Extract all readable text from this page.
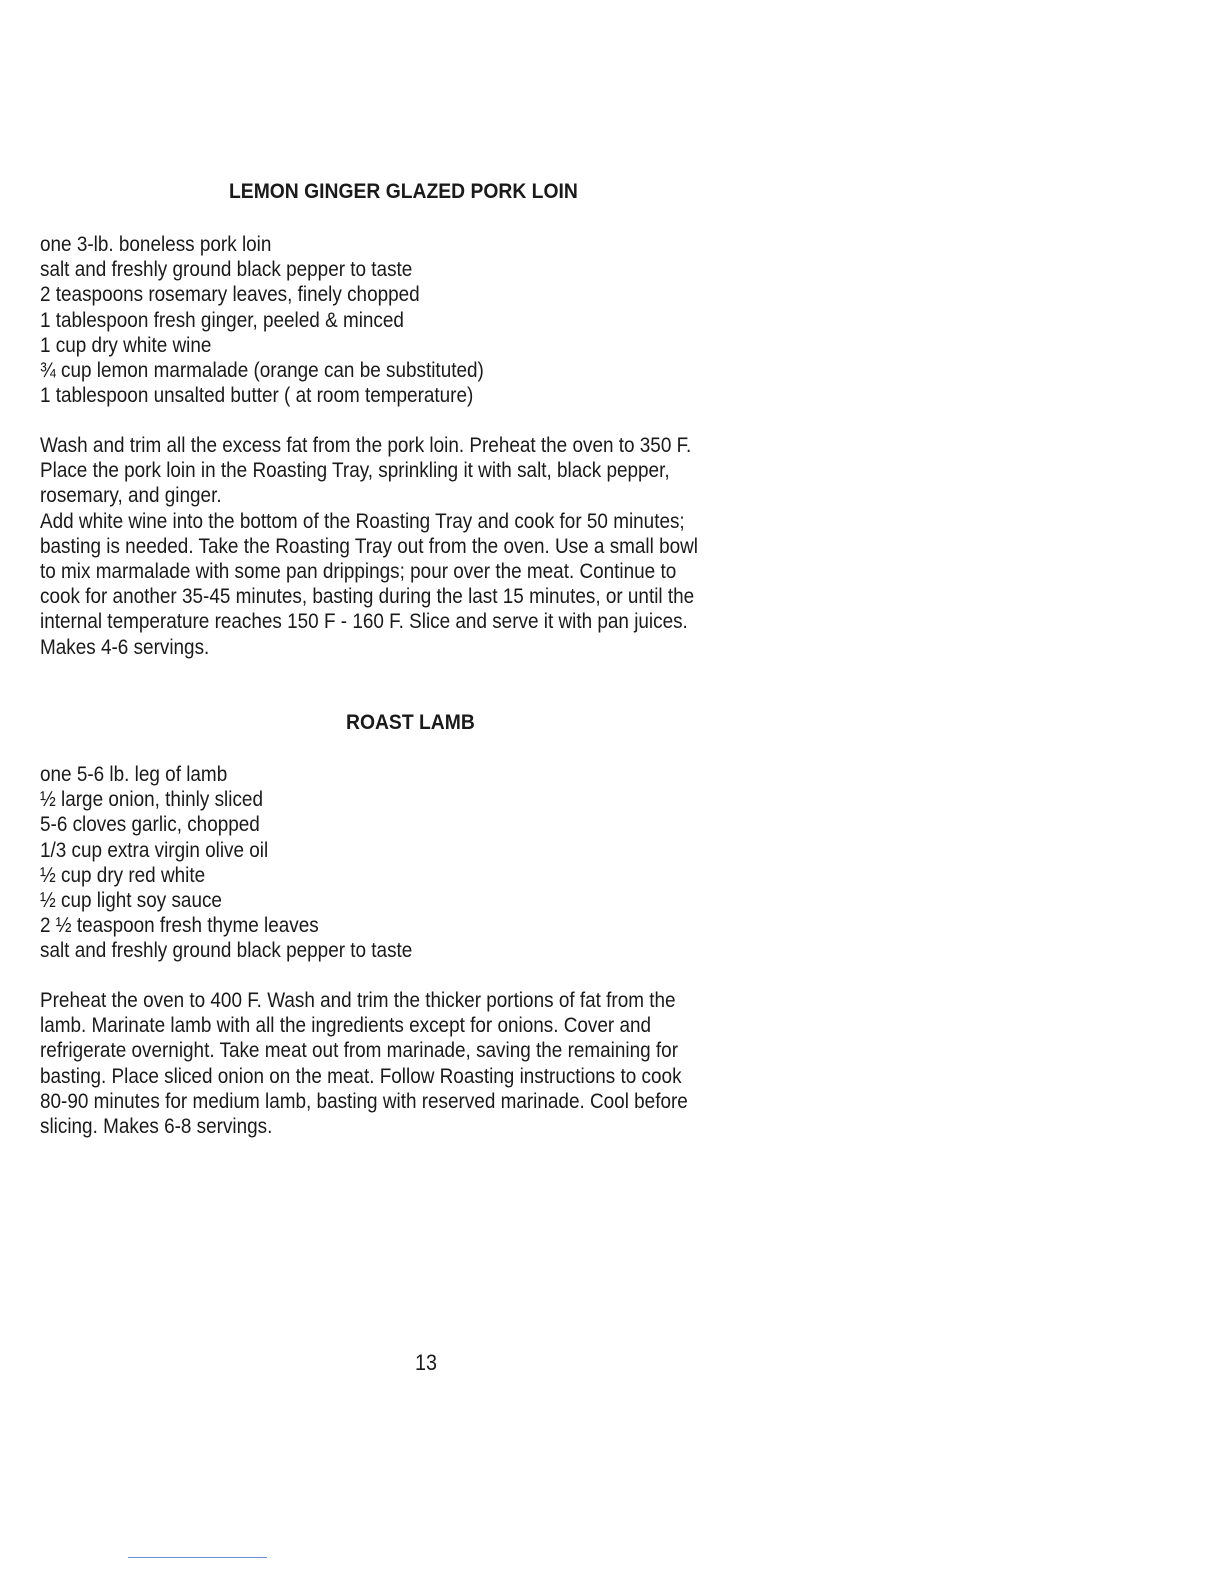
LEMON GINGER GLAZED PORK LOIN
one 3-lb. boneless pork loin
salt and freshly ground black pepper to taste
2 teaspoons rosemary leaves, finely chopped
1 tablespoon fresh ginger, peeled & minced
1 cup dry white wine
¾ cup lemon marmalade (orange can be substituted)
1 tablespoon unsalted butter ( at room temperature)
Wash and trim all the excess fat from the pork loin. Preheat the oven to 350 F.
Place the pork loin in the Roasting Tray, sprinkling it with salt, black pepper,
rosemary, and ginger.
Add white wine into the bottom of the Roasting Tray and cook for 50 minutes;
basting is needed. Take the Roasting Tray out from the oven. Use a small bowl
to mix marmalade with some pan drippings; pour over the meat. Continue to
cook for another 35-45 minutes, basting during the last 15 minutes, or until the
internal temperature reaches 150 F - 160 F. Slice and serve it with pan juices.
Makes 4-6 servings.
ROAST LAMB
one 5-6 lb. leg of lamb
½ large onion, thinly sliced
5-6 cloves garlic, chopped
1/3 cup extra virgin olive oil
½ cup dry red white
½ cup light soy sauce
2 ½ teaspoon fresh thyme leaves
salt and freshly ground black pepper to taste
Preheat the oven to 400 F. Wash and trim the thicker portions of fat from the
lamb. Marinate lamb with all the ingredients except for onions. Cover and
refrigerate overnight. Take meat out from marinade, saving the remaining for
basting. Place sliced onion on the meat. Follow Roasting instructions to cook
80-90 minutes for medium lamb, basting with reserved marinade. Cool before
slicing. Makes 6-8 servings.
13
